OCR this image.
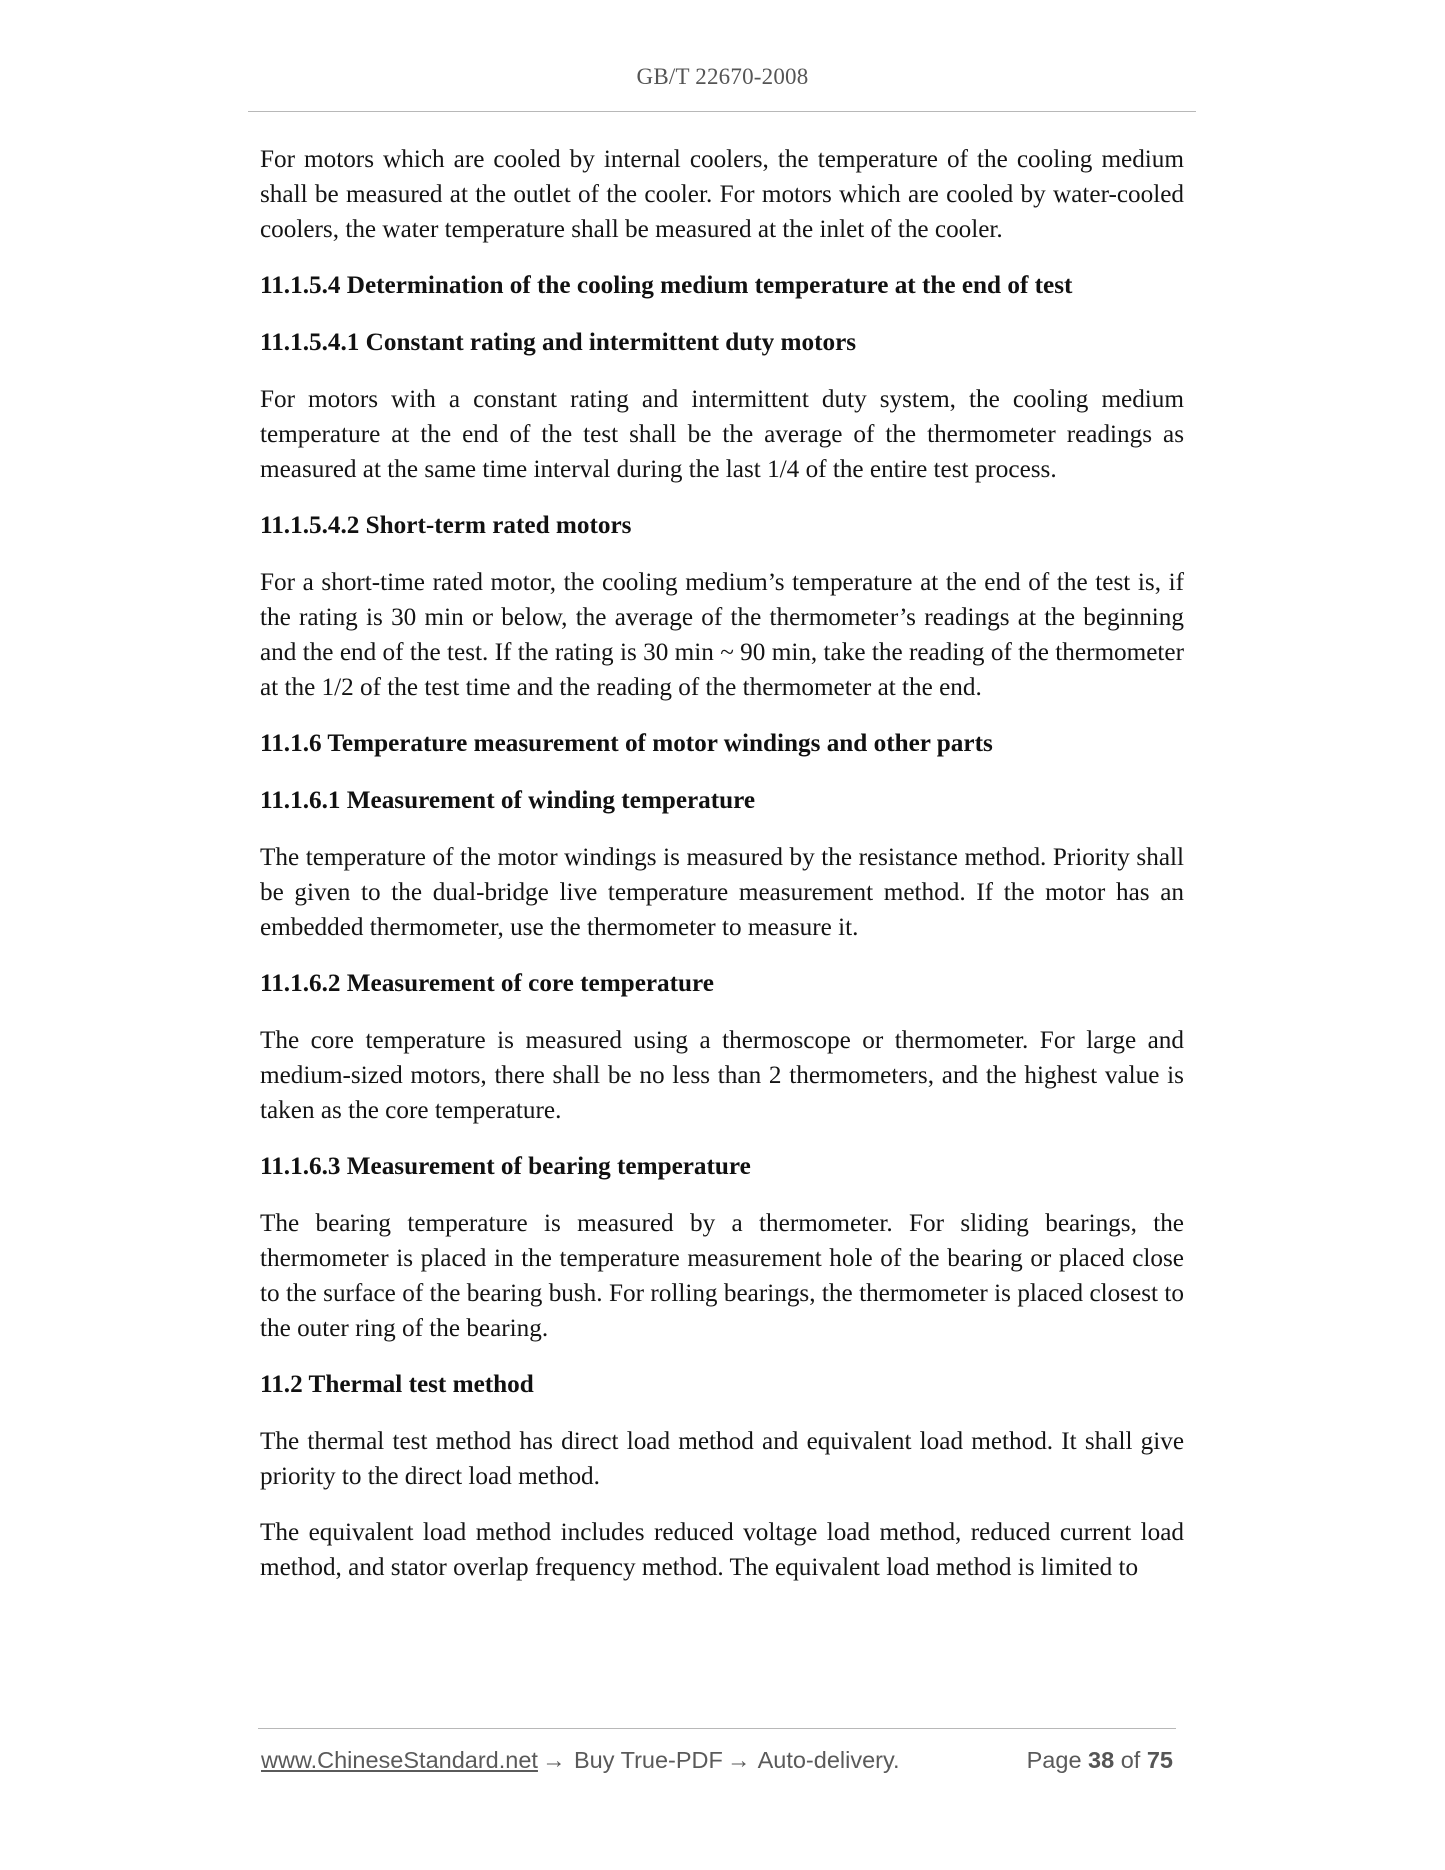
GB/T 22670-2008

For motors which are cooled by internal coolers, the temperature of the cooling medium shall be measured at the outlet of the cooler. For motors which are cooled by water-cooled coolers, the water temperature shall be measured at the inlet of the cooler.

11.1.5.4 Determination of the cooling medium temperature at the end of test
11.1.5.4.1 Constant rating and intermittent duty motors

For motors with a constant rating and intermittent duty system, the cooling medium temperature at the end of the test shall be the average of the thermometer readings as measured at the same time interval during the last 1/4 of the entire test process.

11.1.5.4.2 Short-term rated motors

For a short-time rated motor, the cooling medium’s temperature at the end of the test is, if the rating is 30 min or below, the average of the thermometer’s readings at the beginning and the end of the test. If the rating is 30 min ~ 90 min, take the reading of the thermometer at the 1/2 of the test time and the reading of the thermometer at the end.

11.1.6 Temperature measurement of motor windings and other parts
11.1.6.1 Measurement of winding temperature

The temperature of the motor windings is measured by the resistance method. Priority shall be given to the dual-bridge live temperature measurement method. If the motor has an embedded thermometer, use the thermometer to measure it.

11.1.6.2 Measurement of core temperature

The core temperature is measured using a thermoscope or thermometer. For large and medium-sized motors, there shall be no less than 2 thermometers, and the highest value is taken as the core temperature.

11.1.6.3 Measurement of bearing temperature

The bearing temperature is measured by a thermometer. For sliding bearings, the thermometer is placed in the temperature measurement hole of the bearing or placed close to the surface of the bearing bush. For rolling bearings, the thermometer is placed closest to the outer ring of the bearing.

11.2 Thermal test method

The thermal test method has direct load method and equivalent load method. It shall give priority to the direct load method.

The equivalent load method includes reduced voltage load method, reduced current load method, and stator overlap frequency method. The equivalent load method is limited to

www.ChineseStandard.net → Buy True-PDF → Auto-delivery.	Page 38 of 75
